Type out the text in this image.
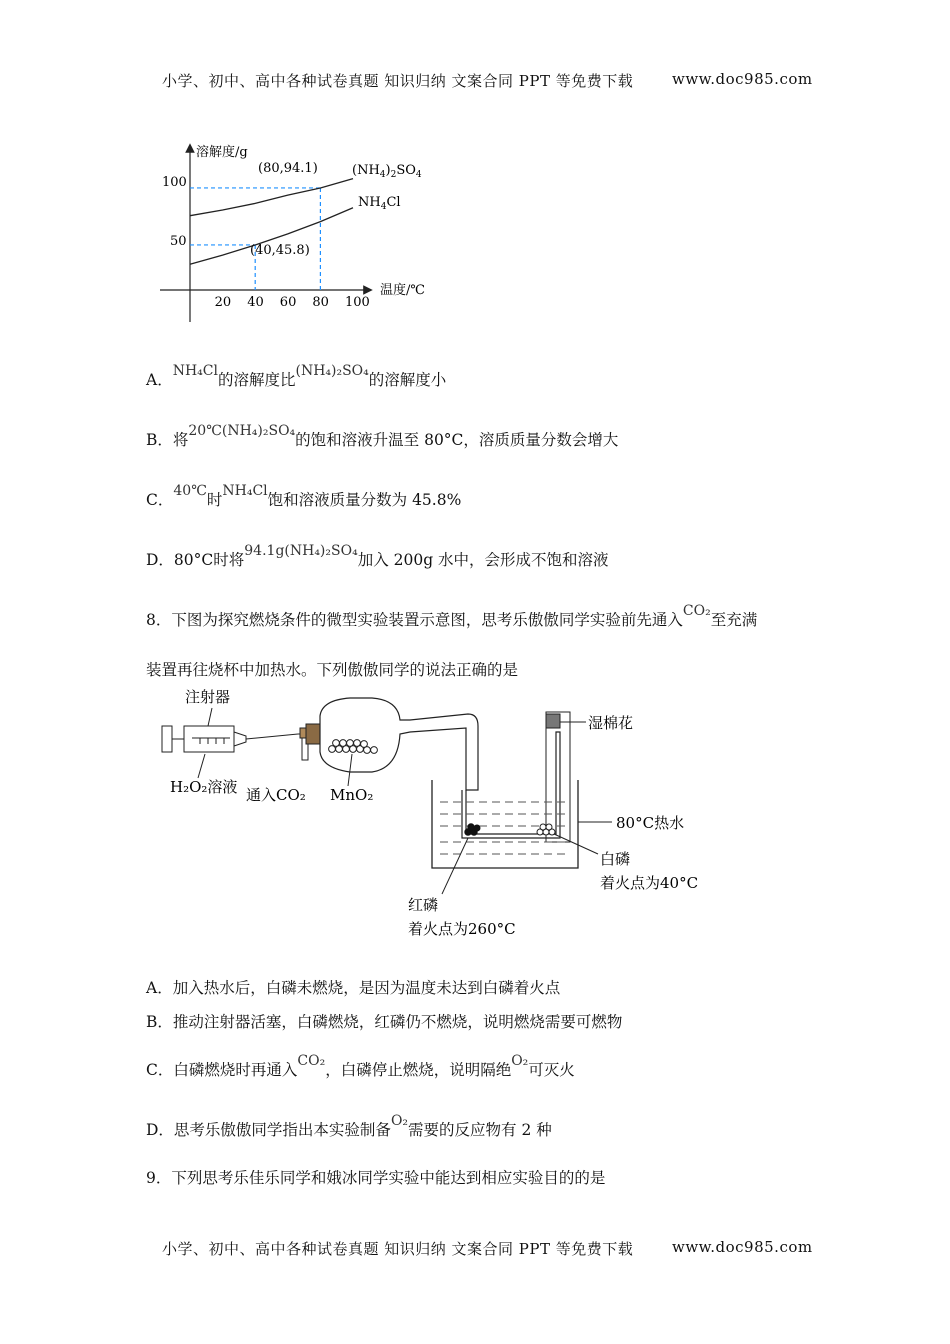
小学、初中、高中各种试卷真题 知识归纳 文案合同 PPT 等免费下载	www.doc985.com
溶解度/g
温度/℃
20 40 60 80 100
50
100
$(NH_4)_2SO_4$
$NH_4Cl$
(80,94.1)
(40,45.8)
A．NH₄Cl的溶解度比(NH₄)₂SO₄的溶解度小
B．将20℃(NH₄)₂SO₄的饱和溶液升温至 80°C，溶质质量分数会增大
C．40℃时NH₄Cl饱和溶液质量分数为 45.8%
D．80°C时将94.1g(NH₄)₂SO₄加入 200g 水中，会形成不饱和溶液
8．下图为探究燃烧条件的微型实验装置示意图，思考乐傲傲同学实验前先通入CO₂至充满
装置再往烧杯中加热水。下列傲傲同学的说法正确的是
注射器
H₂O₂溶液 通入CO₂ MnO₂
湿棉花
80°C热水
白磷
着火点为40°C
红磷
着火点为260°C
A．加入热水后，白磷未燃烧，是因为温度未达到白磷着火点
B．推动注射器活塞，白磷燃烧，红磷仍不燃烧，说明燃烧需要可燃物
C．白磷燃烧时再通入CO₂，白磷停止燃烧，说明隔绝O₂可灭火
D．思考乐傲傲同学指出本实验制备O₂需要的反应物有 2 种
9．下列思考乐佳乐同学和娥冰同学实验中能达到相应实验目的的是
小学、初中、高中各种试卷真题 知识归纳 文案合同 PPT 等免费下载	www.doc985.com
